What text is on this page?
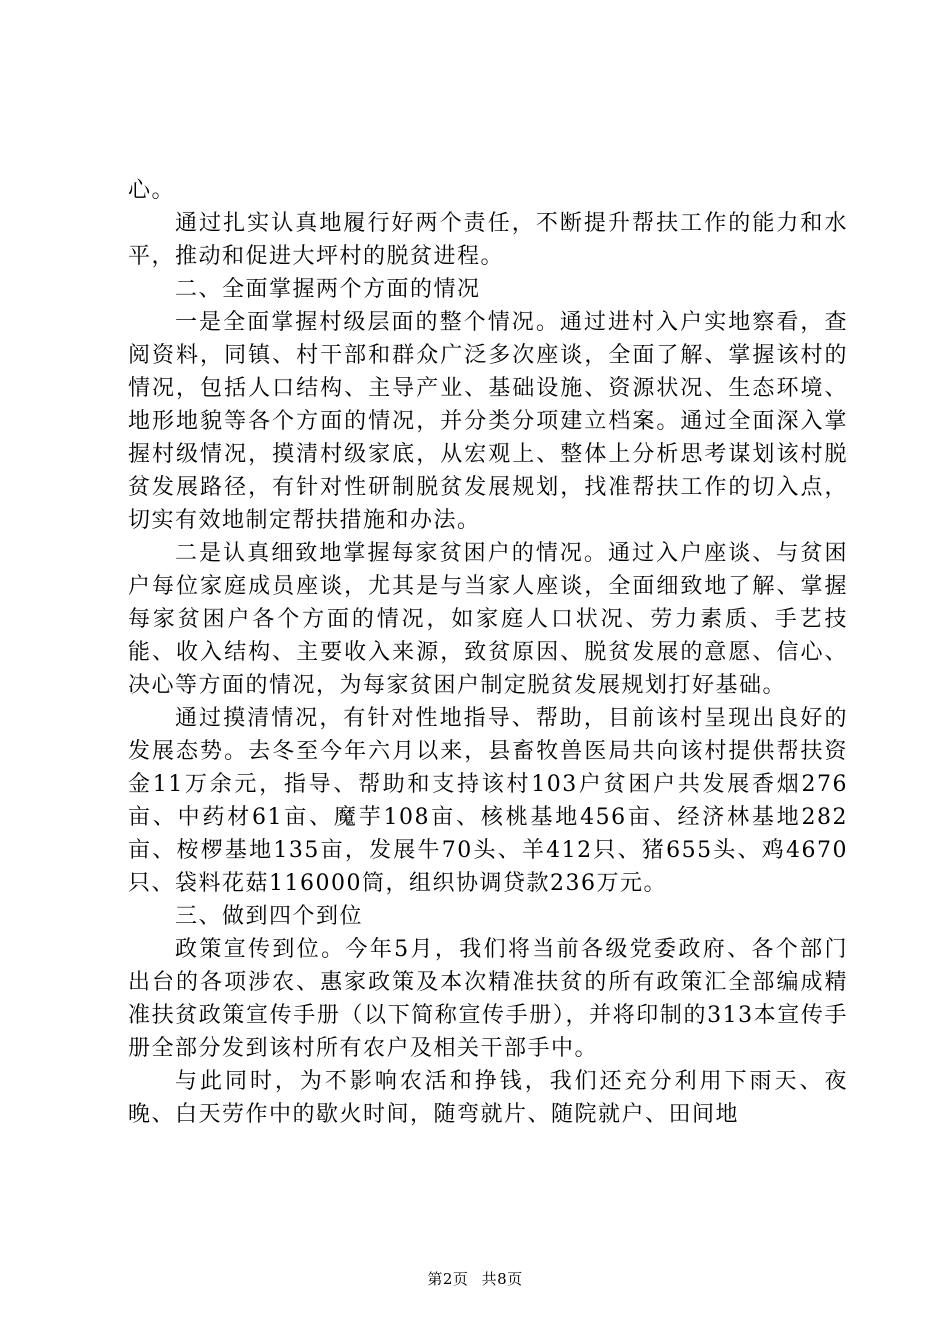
心。

通过扎实认真地履行好两个责任，不断提升帮扶工作的能力和水平，推动和促进大坪村的脱贫进程。

二、全面掌握两个方面的情况

一是全面掌握村级层面的整个情况。通过进村入户实地察看，查阅资料，同镇、村干部和群众广泛多次座谈，全面了解、掌握该村的情况，包括人口结构、主导产业、基础设施、资源状况、生态环境、地形地貌等各个方面的情况，并分类分项建立档案。通过全面深入掌握村级情况，摸清村级家底，从宏观上、整体上分析思考谋划该村脱贫发展路径，有针对性研制脱贫发展规划，找准帮扶工作的切入点，切实有效地制定帮扶措施和办法。

二是认真细致地掌握每家贫困户的情况。通过入户座谈、与贫困户每位家庭成员座谈，尤其是与当家人座谈，全面细致地了解、掌握每家贫困户各个方面的情况，如家庭人口状况、劳力素质、手艺技能、收入结构、主要收入来源，致贫原因、脱贫发展的意愿、信心、决心等方面的情况，为每家贫困户制定脱贫发展规划打好基础。

通过摸清情况，有针对性地指导、帮助，目前该村呈现出良好的发展态势。去冬至今年六月以来，县畜牧兽医局共向该村提供帮扶资金11万余元，指导、帮助和支持该村103户贫困户共发展香烟276亩、中药材61亩、魔芋108亩、核桃基地456亩、经济林基地282亩、桉椤基地135亩，发展牛70头、羊412只、猪655头、鸡4670只、袋料花菇116000筒，组织协调贷款236万元。

三、做到四个到位

政策宣传到位。今年5月，我们将当前各级党委政府、各个部门出台的各项涉农、惠家政策及本次精准扶贫的所有政策汇全部编成精准扶贫政策宣传手册（以下简称宣传手册），并将印制的313本宣传手册全部分发到该村所有农户及相关干部手中。

与此同时，为不影响农活和挣钱，我们还充分利用下雨天、夜晚、白天劳作中的歇火时间，随弯就片、随院就户、田间地

第2页 共8页
